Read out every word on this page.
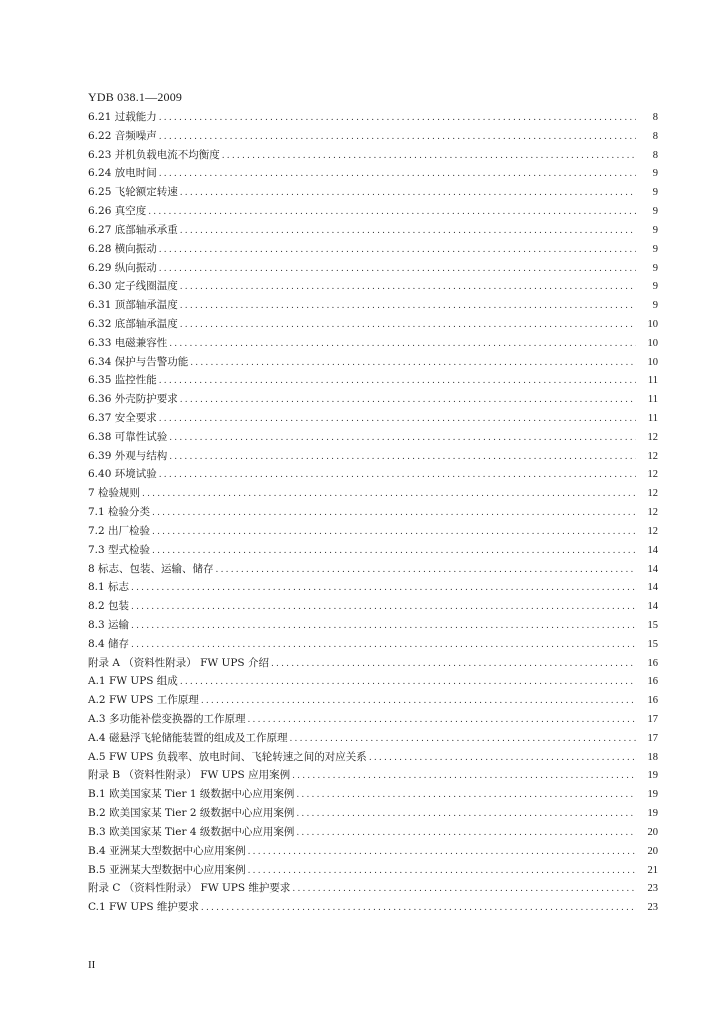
YDB 038.1—2009
6.21 过载能力 .....	8
6.22 音频噪声 .....	8
6.23 并机负载电流不均衡度 .....	8
6.24 放电时间 .....	9
6.25 飞轮额定转速 .....	9
6.26 真空度 .....	9
6.27 底部轴承承重 .....	9
6.28 横向振动 .....	9
6.29 纵向振动 .....	9
6.30 定子线圈温度 .....	9
6.31 顶部轴承温度 .....	9
6.32 底部轴承温度 .....	10
6.33 电磁兼容性 .....	10
6.34 保护与告警功能 .....	10
6.35 监控性能 .....	11
6.36 外壳防护要求 .....	11
6.37 安全要求 .....	11
6.38 可靠性试验 .....	12
6.39 外观与结构 .....	12
6.40 环境试验 .....	12
7 检验规则 .....	12
7.1 检验分类 .....	12
7.2 出厂检验 .....	12
7.3 型式检验 .....	14
8 标志、包装、运输、储存 .....	14
8.1 标志 .....	14
8.2 包装 .....	14
8.3 运输 .....	15
8.4 储存 .....	15
附录 A （资料性附录） FW UPS 介绍 .....	16
A.1 FW UPS 组成 .....	16
A.2 FW UPS 工作原理 .....	16
A.3 多功能补偿变换器的工作原理 .....	17
A.4 磁悬浮飞轮储能装置的组成及工作原理 .....	17
A.5 FW UPS 负载率、放电时间、飞轮转速之间的对应关系 .....	18
附录 B （资料性附录） FW UPS 应用案例 .....	19
B.1 欧美国家某 Tier 1 级数据中心应用案例 .....	19
B.2 欧美国家某 Tier 2 级数据中心应用案例 .....	19
B.3 欧美国家某 Tier 4 级数据中心应用案例 .....	20
B.4 亚洲某大型数据中心应用案例 .....	20
B.5 亚洲某大型数据中心应用案例 .....	21
附录 C （资料性附录） FW UPS 维护要求 .....	23
C.1 FW UPS 维护要求 .....	23
II
